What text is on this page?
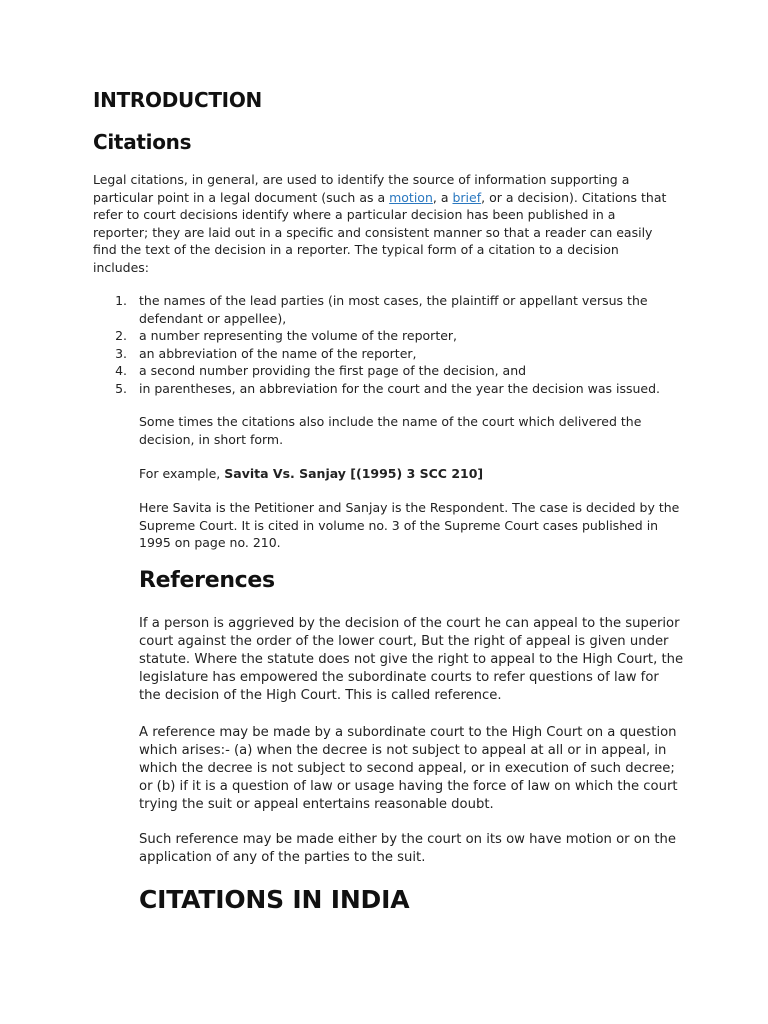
INTRODUCTION
Citations

Legal citations, in general, are used to identify the source of information supporting a particular point in a legal document (such as a motion, a brief, or a decision). Citations that refer to court decisions identify where a particular decision has been published in a reporter; they are laid out in a specific and consistent manner so that a reader can easily find the text of the decision in a reporter. The typical form of a citation to a decision includes:

1. the names of the lead parties (in most cases, the plaintiff or appellant versus the defendant or appellee),
2. a number representing the volume of the reporter,
3. an abbreviation of the name of the reporter,
4. a second number providing the first page of the decision, and
5. in parentheses, an abbreviation for the court and the year the decision was issued.

Some times the citations also include the name of the court which delivered the decision, in short form.

For example, Savita Vs. Sanjay [(1995) 3 SCC 210]

Here Savita is the Petitioner and Sanjay is the Respondent. The case is decided by the Supreme Court. It is cited in volume no. 3 of the Supreme Court cases published in 1995 on page no. 210.

References

If a person is aggrieved by the decision of the court he can appeal to the superior court against the order of the lower court, But the right of appeal is given under statute. Where the statute does not give the right to appeal to the High Court, the legislature has empowered the subordinate courts to refer questions of law for the decision of the High Court. This is called reference.

A reference may be made by a subordinate court to the High Court on a question which arises:- (a) when the decree is not subject to appeal at all or in appeal, in which the decree is not subject to second appeal, or in execution of such decree; or (b) if it is a question of law or usage having the force of law on which the court trying the suit or appeal entertains reasonable doubt.

Such reference may be made either by the court on its ow have motion or on the application of any of the parties to the suit.

CITATIONS IN INDIA
